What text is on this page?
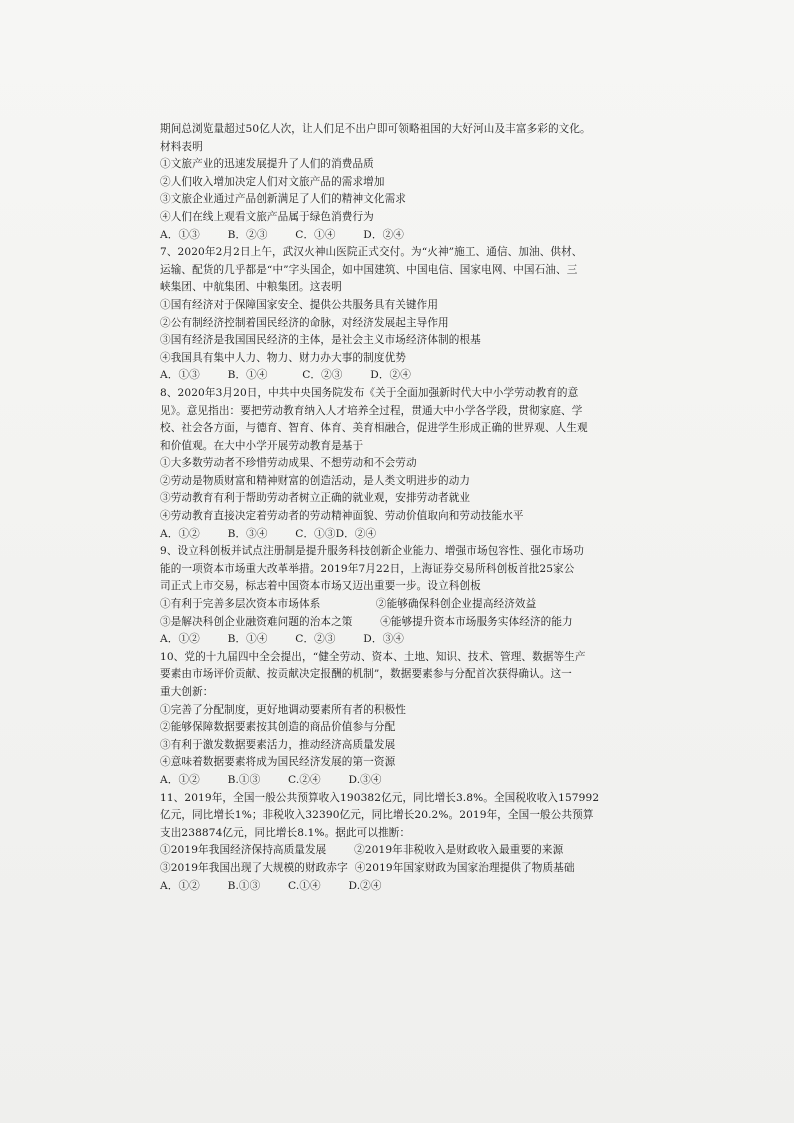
期间总浏览量超过50亿人次，让人们足不出户即可领略祖国的大好河山及丰富多彩的文化。
材料表明
①文旅产业的迅速发展提升了人们的消费品质
②人们收入增加决定人们对文旅产品的需求增加
③文旅企业通过产品创新满足了人们的精神文化需求
④人们在线上观看文旅产品属于绿色消费行为
A．①③        B．②③        C．①④        D．②④
7、2020年2月2日上午，武汉火神山医院正式交付。为“火神”施工、通信、加油、供材、
运输、配货的几乎都是“中”字头国企，如中国建筑、中国电信、国家电网、中国石油、三
峡集团、中航集团、中粮集团。这表明
①国有经济对于保障国家安全、提供公共服务具有关键作用
②公有制经济控制着国民经济的命脉，对经济发展起主导作用
③国有经济是我国国民经济的主体，是社会主义市场经济体制的根基
④我国具有集中人力、物力、财力办大事的制度优势
A．①③        B．①④          C．②③        D．②④
8、2020年3月20日，中共中央国务院发布《关于全面加强新时代大中小学劳动教育的意
见》。意见指出：要把劳动教育纳入人才培养全过程，贯通大中小学各学段，贯彻家庭、学
校、社会各方面，与德育、智育、体育、美育相融合，促进学生形成正确的世界观、人生观
和价值观。在大中小学开展劳动教育是基于
①大多数劳动者不珍惜劳动成果、不想劳动和不会劳动
②劳动是物质财富和精神财富的创造活动，是人类文明进步的动力
③劳动教育有利于帮助劳动者树立正确的就业观，安排劳动者就业
④劳动教育直接决定着劳动者的劳动精神面貌、劳动价值取向和劳动技能水平
A．①②        B．③④        C．①③D．②④
9、设立科创板并试点注册制是提升服务科技创新企业能力、增强市场包容性、强化市场功
能的一项资本市场重大改革举措。2019年7月22日，上海证券交易所科创板首批25家公
司正式上市交易，标志着中国资本市场又迈出重要一步。设立科创板
①有利于完善多层次资本市场体系                ②能够确保科创企业提高经济效益
③是解决科创企业融资难问题的治本之策        ④能够提升资本市场服务实体经济的能力
A．①②        B．①④        C．②③        D．③④
10、党的十九届四中全会提出，“健全劳动、资本、土地、知识、技术、管理、数据等生产
要素由市场评价贡献、按贡献决定报酬的机制”，数据要素参与分配首次获得确认。这一
重大创新：
①完善了分配制度，更好地调动要素所有者的积极性
②能够保障数据要素按其创造的商品价值参与分配
③有利于激发数据要素活力，推动经济高质量发展
④意味着数据要素将成为国民经济发展的第一资源
A．①②        B.①③        C.②④        D.③④
11、2019年，全国一般公共预算收入190382亿元，同比增长3.8%。全国税收收入157992
亿元，同比增长1%；非税收入32390亿元，同比增长20.2%。2019年，全国一般公共预算
支出238874亿元，同比增长8.1%。据此可以推断：
①2019年我国经济保持高质量发展        ②2019年非税收入是财政收入最重要的来源
③2019年我国出现了大规模的财政赤字  ④2019年国家财政为国家治理提供了物质基础
A．①②        B.①③        C.①④        D.②④
